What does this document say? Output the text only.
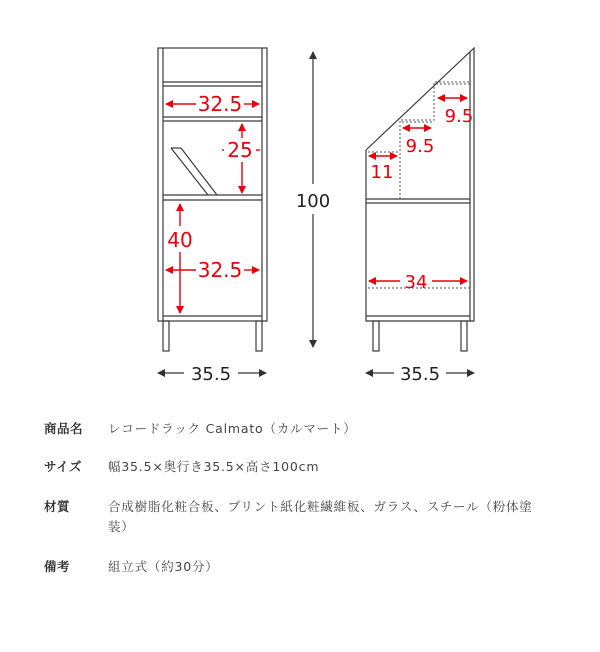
32.5
25
40
32.5
100
35.5
11
9.5
9.5
34
35.5
商品名	レコードラック Calmato（カルマート）
サイズ	幅35.5×奥行き35.5×高さ100cm
材質	合成樹脂化粧合板、プリント紙化粧繊維板、ガラス、スチール（粉体塗装）
備考	組立式（約30分）
